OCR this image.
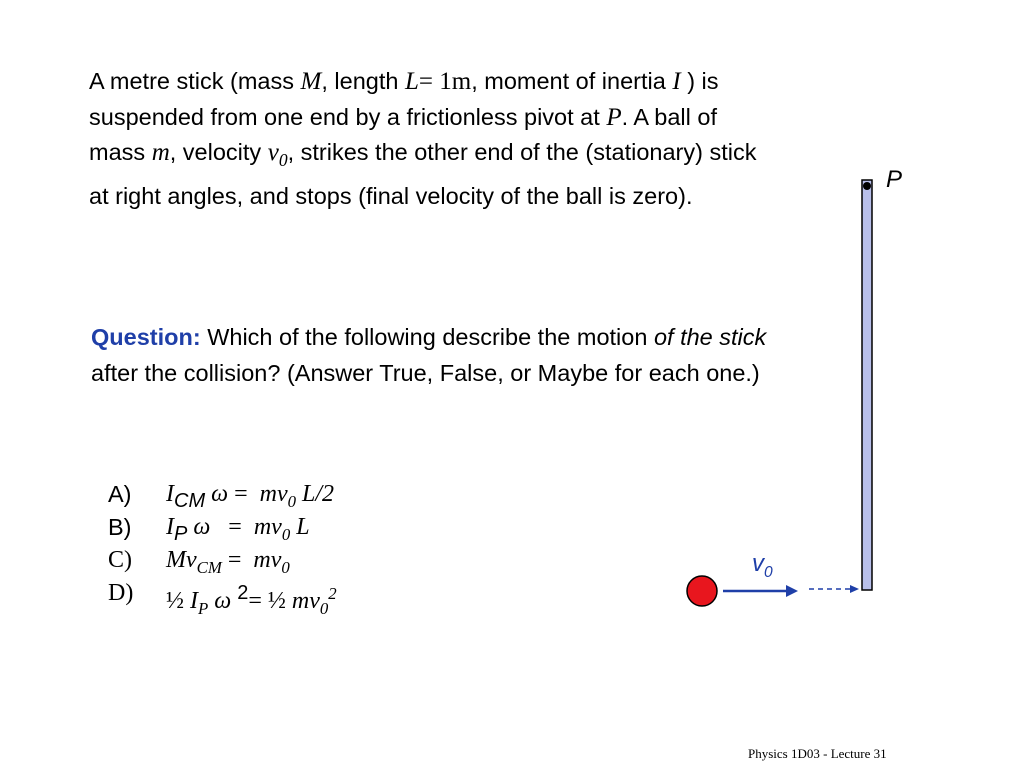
A metre stick (mass M, length L= 1m, moment of inertia I ) is suspended from one end by a frictionless pivot at P. A ball of mass m, velocity $v_0$, strikes the other end of the (stationary) stick at right angles, and stops (final velocity of the ball is zero).
Question: Which of the following describe the motion of the stick after the collision? (Answer True, False, or Maybe for each one.)
A) $I_{CM}$ $\omega = mv_0$ L/2
B) $I_P$ $\omega = mv_0$ L
C) $Mv_{CM} = mv_0$
D) ½ $I_P$ ω $^2$= ½ $mv_0^2$
P
$v_0$
Physics 1D03 - Lecture 31
